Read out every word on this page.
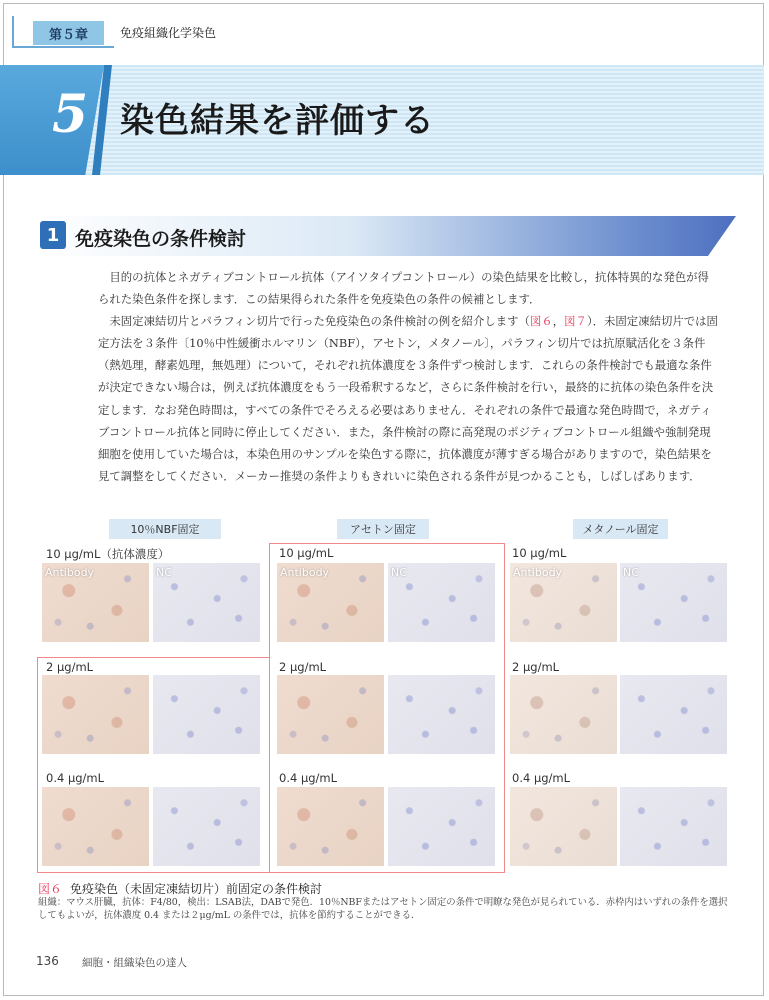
第５章	免疫組織化学染色
5 染色結果を評価する
1 免疫染色の条件検討

目的の抗体とネガティブコントロール抗体（アイソタイプコントロール）の染色結果を比較し，抗体特異的な発色が得られた染色条件を探します．この結果得られた条件を免疫染色の条件の候補とします．

未固定凍結切片とパラフィン切片で行った免疫染色の条件検討の例を紹介します（図６，図７）．未固定凍結切片では固定方法を３条件〔10％中性緩衝ホルマリン（NBF），アセトン，メタノール〕，パラフィン切片では抗原賦活化を３条件（熱処理，酵素処理，無処理）について，それぞれ抗体濃度を３条件ずつ検討します．これらの条件検討でも最適な条件が決定できない場合は，例えば抗体濃度をもう一段希釈するなど，さらに条件検討を行い，最終的に抗体の染色条件を決定します．なお発色時間は，すべての条件でそろえる必要はありません．それぞれの条件で最適な発色時間で，ネガティブコントロール抗体と同時に停止してください．また，条件検討の際に高発現のポジティブコントロール組織や強制発現細胞を使用していた場合は，本染色用のサンプルを染色する際に，抗体濃度が薄すぎる場合がありますので，染色結果を見て調整をしてください．メーカー推奨の条件よりもきれいに染色される条件が見つかることも，しばしばあります．

10％NBF固定	アセトン固定	メタノール固定
10 μg/mL（抗体濃度）	10 μg/mL	10 μg/mL
2 μg/mL	2 μg/mL	2 μg/mL
0.4 μg/mL	0.4 μg/mL	0.4 μg/mL
Antibody	NC	Antibody	NC	Antibody	NC
図６ 免疫染色（未固定凍結切片）前固定の条件検討
組織：マウス肝臓，抗体：F4/80，検出：LSAB法，DABで発色．10％NBFまたはアセトン固定の条件で明瞭な発色が見られている．赤枠内はいずれの条件を選択してもよいが，抗体濃度 0.4 または２μg/mL の条件では，抗体を節約することができる．
136 細胞・組織染色の達人
